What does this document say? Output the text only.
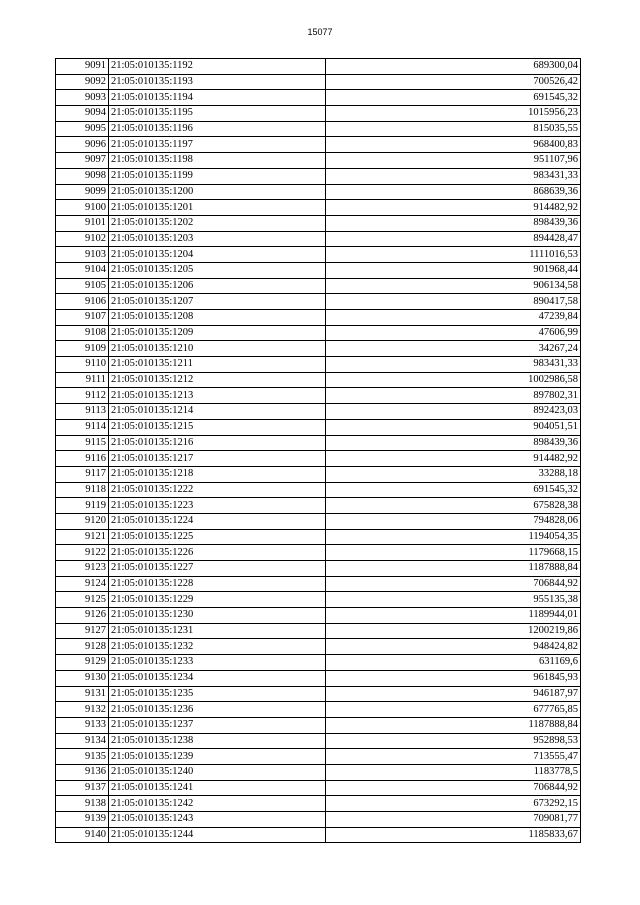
15077
9091	21:05:010135:1192	689300,04
9092	21:05:010135:1193	700526,42
9093	21:05:010135:1194	691545,32
9094	21:05:010135:1195	1015956,23
9095	21:05:010135:1196	815035,55
9096	21:05:010135:1197	968400,83
9097	21:05:010135:1198	951107,96
9098	21:05:010135:1199	983431,33
9099	21:05:010135:1200	868639,36
9100	21:05:010135:1201	914482,92
9101	21:05:010135:1202	898439,36
9102	21:05:010135:1203	894428,47
9103	21:05:010135:1204	1111016,53
9104	21:05:010135:1205	901968,44
9105	21:05:010135:1206	906134,58
9106	21:05:010135:1207	890417,58
9107	21:05:010135:1208	47239,84
9108	21:05:010135:1209	47606,99
9109	21:05:010135:1210	34267,24
9110	21:05:010135:1211	983431,33
9111	21:05:010135:1212	1002986,58
9112	21:05:010135:1213	897802,31
9113	21:05:010135:1214	892423,03
9114	21:05:010135:1215	904051,51
9115	21:05:010135:1216	898439,36
9116	21:05:010135:1217	914482,92
9117	21:05:010135:1218	33288,18
9118	21:05:010135:1222	691545,32
9119	21:05:010135:1223	675828,38
9120	21:05:010135:1224	794828,06
9121	21:05:010135:1225	1194054,35
9122	21:05:010135:1226	1179668,15
9123	21:05:010135:1227	1187888,84
9124	21:05:010135:1228	706844,92
9125	21:05:010135:1229	955135,38
9126	21:05:010135:1230	1189944,01
9127	21:05:010135:1231	1200219,86
9128	21:05:010135:1232	948424,82
9129	21:05:010135:1233	631169,6
9130	21:05:010135:1234	961845,93
9131	21:05:010135:1235	946187,97
9132	21:05:010135:1236	677765,85
9133	21:05:010135:1237	1187888,84
9134	21:05:010135:1238	952898,53
9135	21:05:010135:1239	713555,47
9136	21:05:010135:1240	1183778,5
9137	21:05:010135:1241	706844,92
9138	21:05:010135:1242	673292,15
9139	21:05:010135:1243	709081,77
9140	21:05:010135:1244	1185833,67
